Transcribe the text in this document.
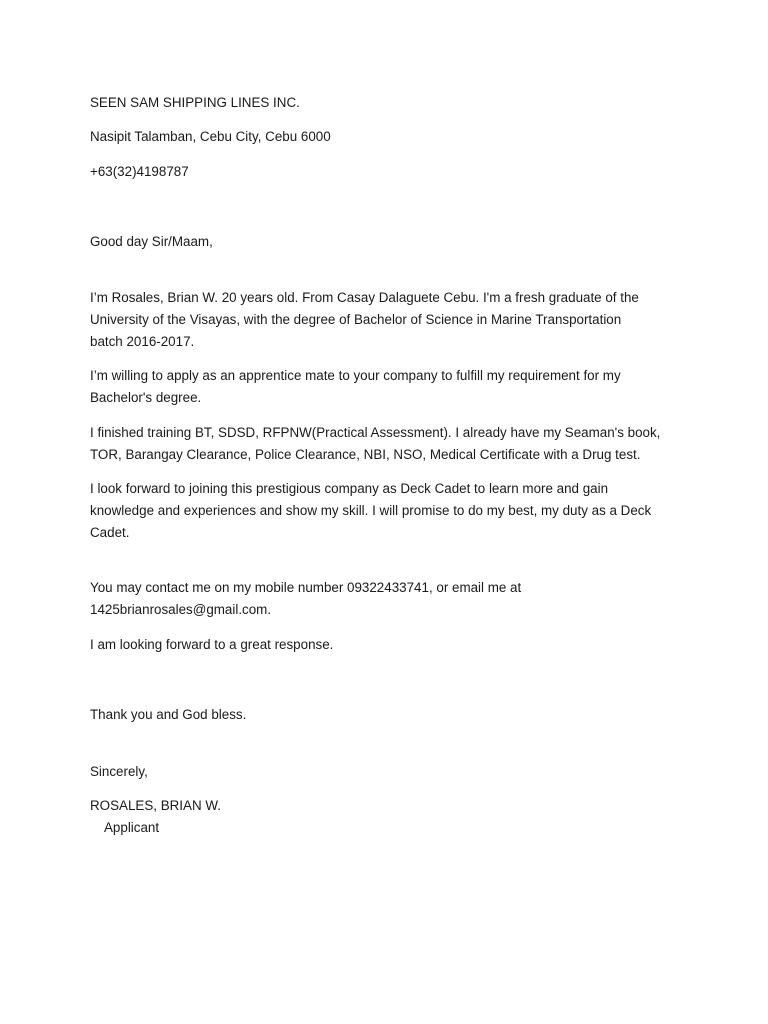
SEEN SAM SHIPPING LINES INC.

Nasipit Talamban, Cebu City, Cebu 6000

+63(32)4198787

Good day Sir/Maam,

I’m Rosales, Brian W. 20 years old. From Casay Dalaguete Cebu. I'm a fresh graduate of the
University of the Visayas, with the degree of Bachelor of Science in Marine Transportation
batch 2016-2017.
I’m willing to apply as an apprentice mate to your company to fulfill my requirement for my
Bachelor's degree.
I finished training BT, SDSD, RFPNW(Practical Assessment). I already have my Seaman's book,
TOR, Barangay Clearance, Police Clearance, NBI, NSO, Medical Certificate with a Drug test.
I look forward to joining this prestigious company as Deck Cadet to learn more and gain
knowledge and experiences and show my skill. I will promise to do my best, my duty as a Deck
Cadet.
You may contact me on my mobile number 09322433741, or email me at
1425brianrosales@gmail.com.
I am looking forward to a great response.

Thank you and God bless.

Sincerely,

ROSALES, BRIAN W.

Applicant
